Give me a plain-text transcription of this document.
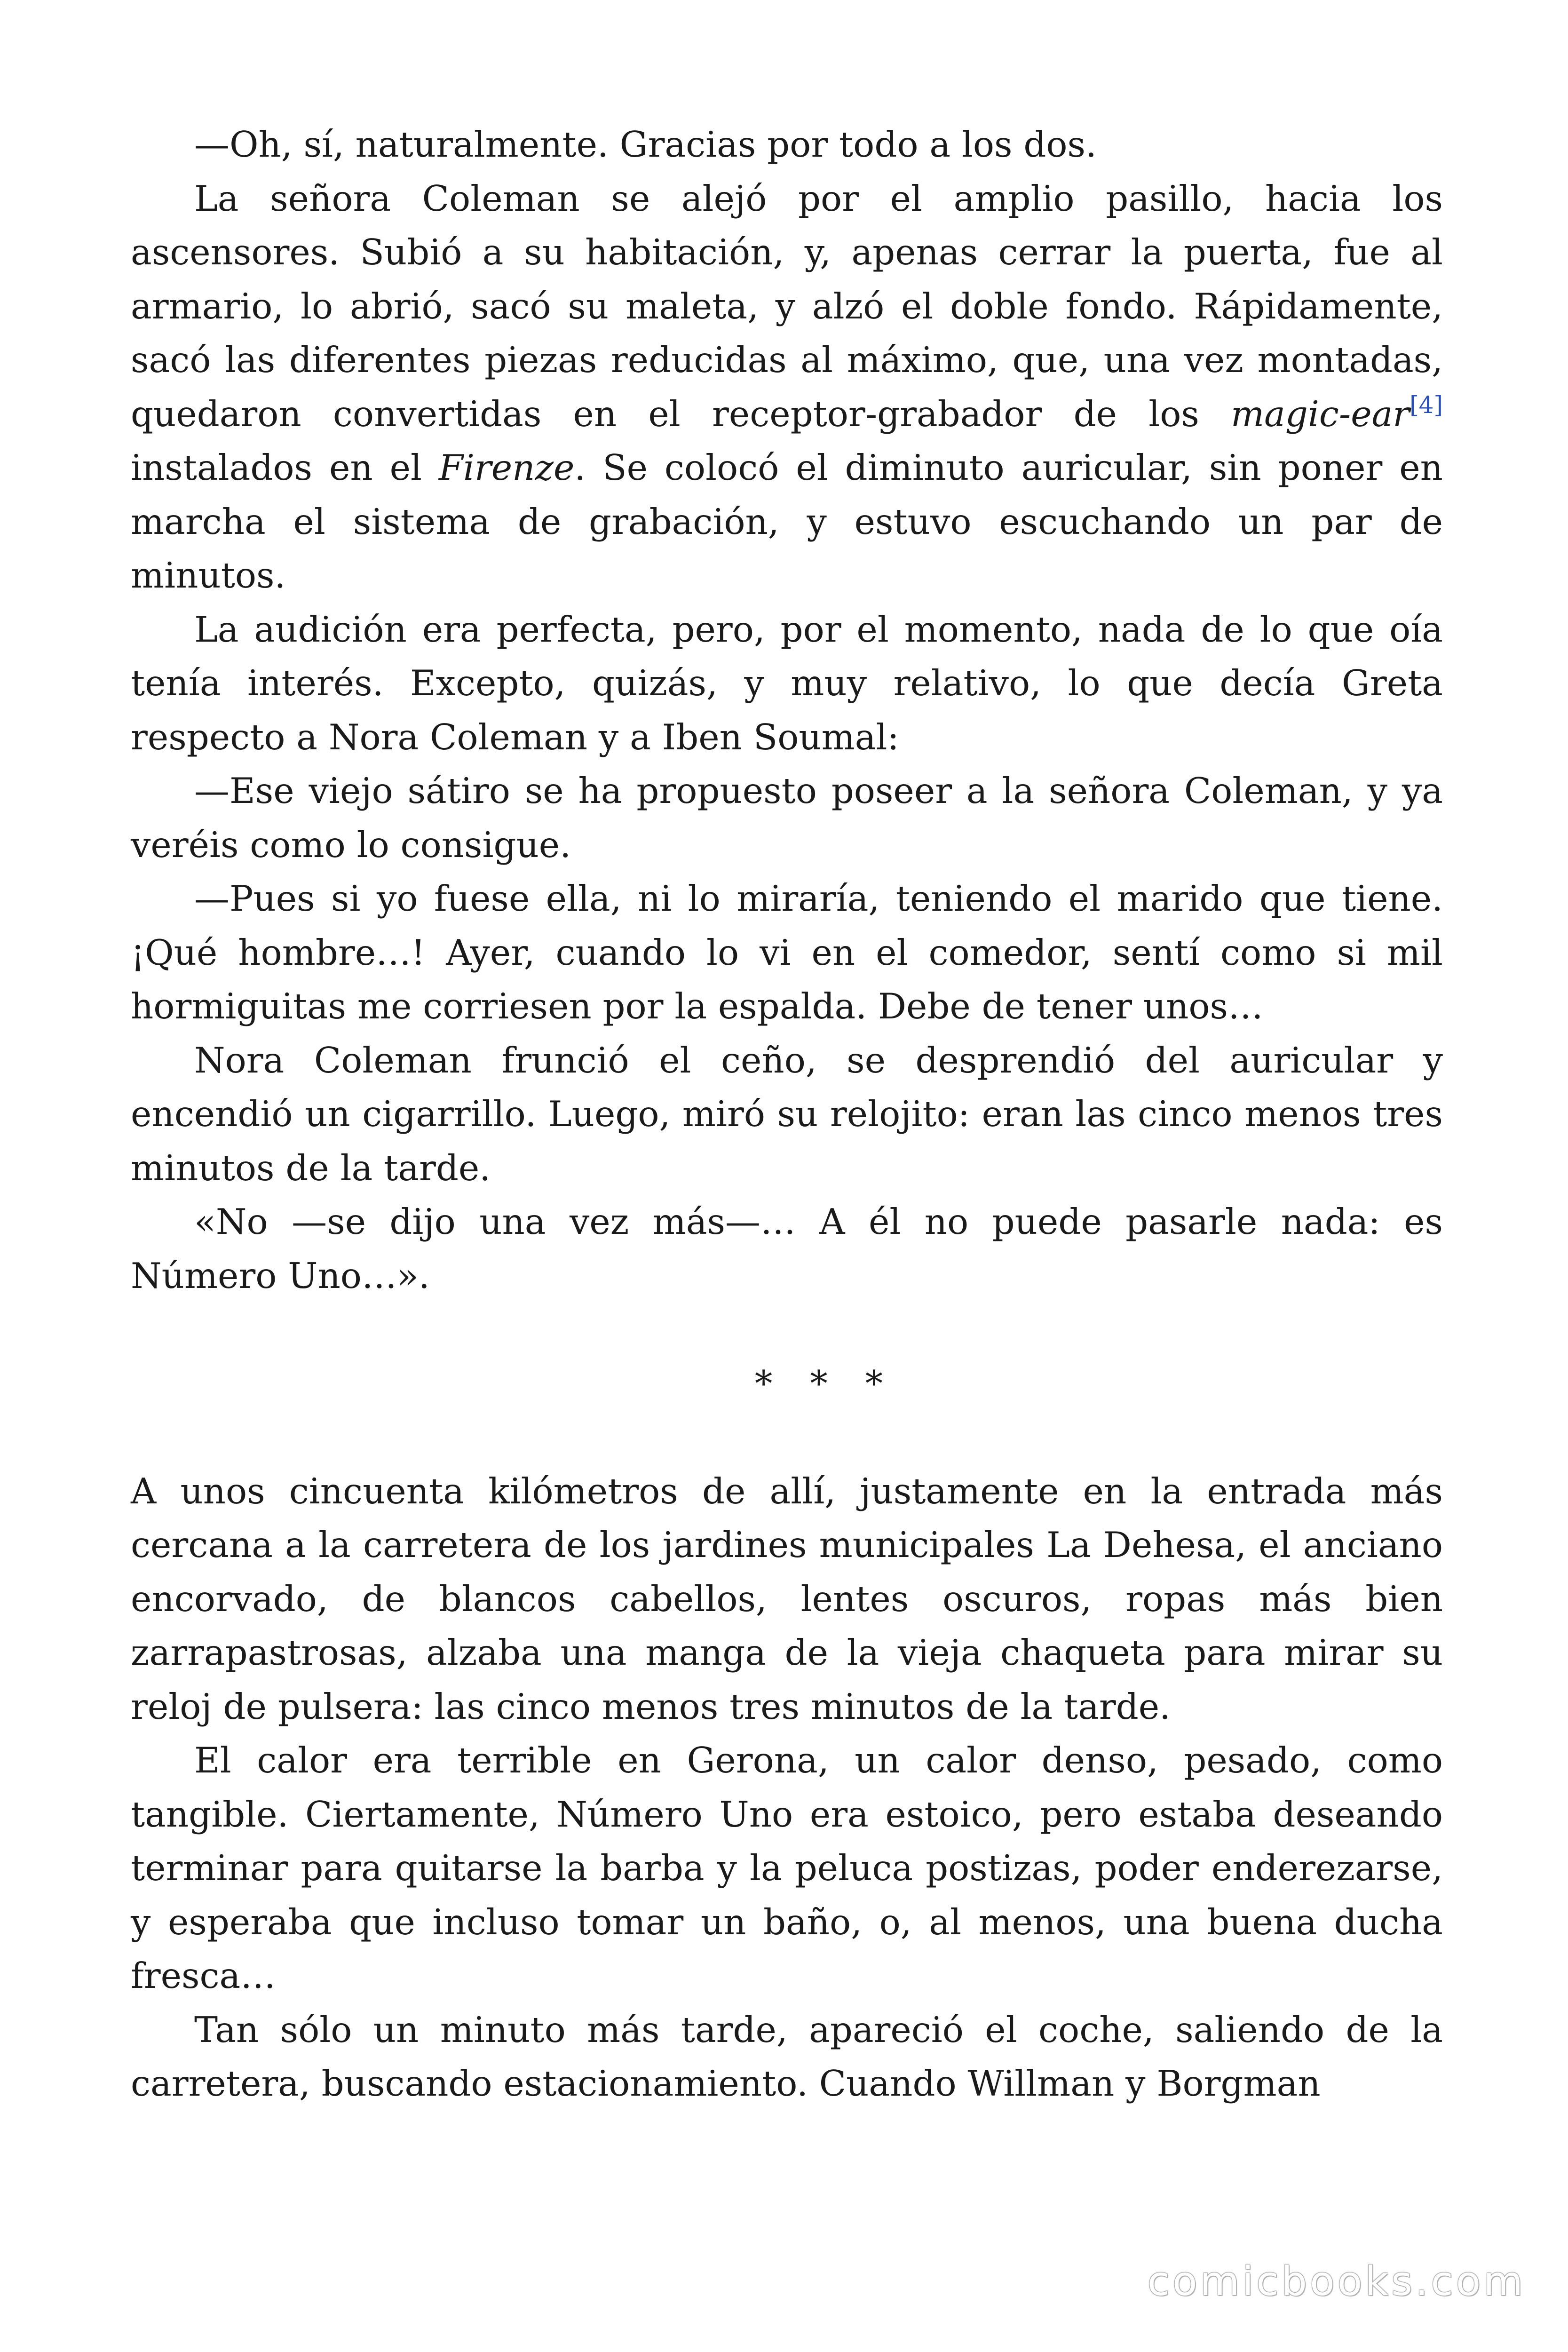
—Oh, sí, naturalmente. Gracias por todo a los dos.

La señora Coleman se alejó por el amplio pasillo, hacia los ascensores. Subió a su habitación, y, apenas cerrar la puerta, fue al armario, lo abrió, sacó su maleta, y alzó el doble fondo. Rápidamente, sacó las diferentes piezas reducidas al máximo, que, una vez montadas, quedaron convertidas en el receptor-grabador de los magic-ear[4] instalados en el Firenze. Se colocó el diminuto auricular, sin poner en marcha el sistema de grabación, y estuvo escuchando un par de minutos.

La audición era perfecta, pero, por el momento, nada de lo que oía tenía interés. Excepto, quizás, y muy relativo, lo que decía Greta respecto a Nora Coleman y a Iben Soumal:

—Ese viejo sátiro se ha propuesto poseer a la señora Coleman, y ya veréis como lo consigue.

—Pues si yo fuese ella, ni lo miraría, teniendo el marido que tiene. ¡Qué hombre…! Ayer, cuando lo vi en el comedor, sentí como si mil hormiguitas me corriesen por la espalda. Debe de tener unos…

Nora Coleman frunció el ceño, se desprendió del auricular y encendió un cigarrillo. Luego, miró su relojito: eran las cinco menos tres minutos de la tarde.

«No —se dijo una vez más—… A él no puede pasarle nada: es Número Uno…».

* * *

A unos cincuenta kilómetros de allí, justamente en la entrada más cercana a la carretera de los jardines municipales La Dehesa, el anciano encorvado, de blancos cabellos, lentes oscuros, ropas más bien zarrapastrosas, alzaba una manga de la vieja chaqueta para mirar su reloj de pulsera: las cinco menos tres minutos de la tarde.

El calor era terrible en Gerona, un calor denso, pesado, como tangible. Ciertamente, Número Uno era estoico, pero estaba deseando terminar para quitarse la barba y la peluca postizas, poder enderezarse, y esperaba que incluso tomar un baño, o, al menos, una buena ducha fresca…

Tan sólo un minuto más tarde, apareció el coche, saliendo de la carretera, buscando estacionamiento. Cuando Willman y Borgman

comicbooks.com
